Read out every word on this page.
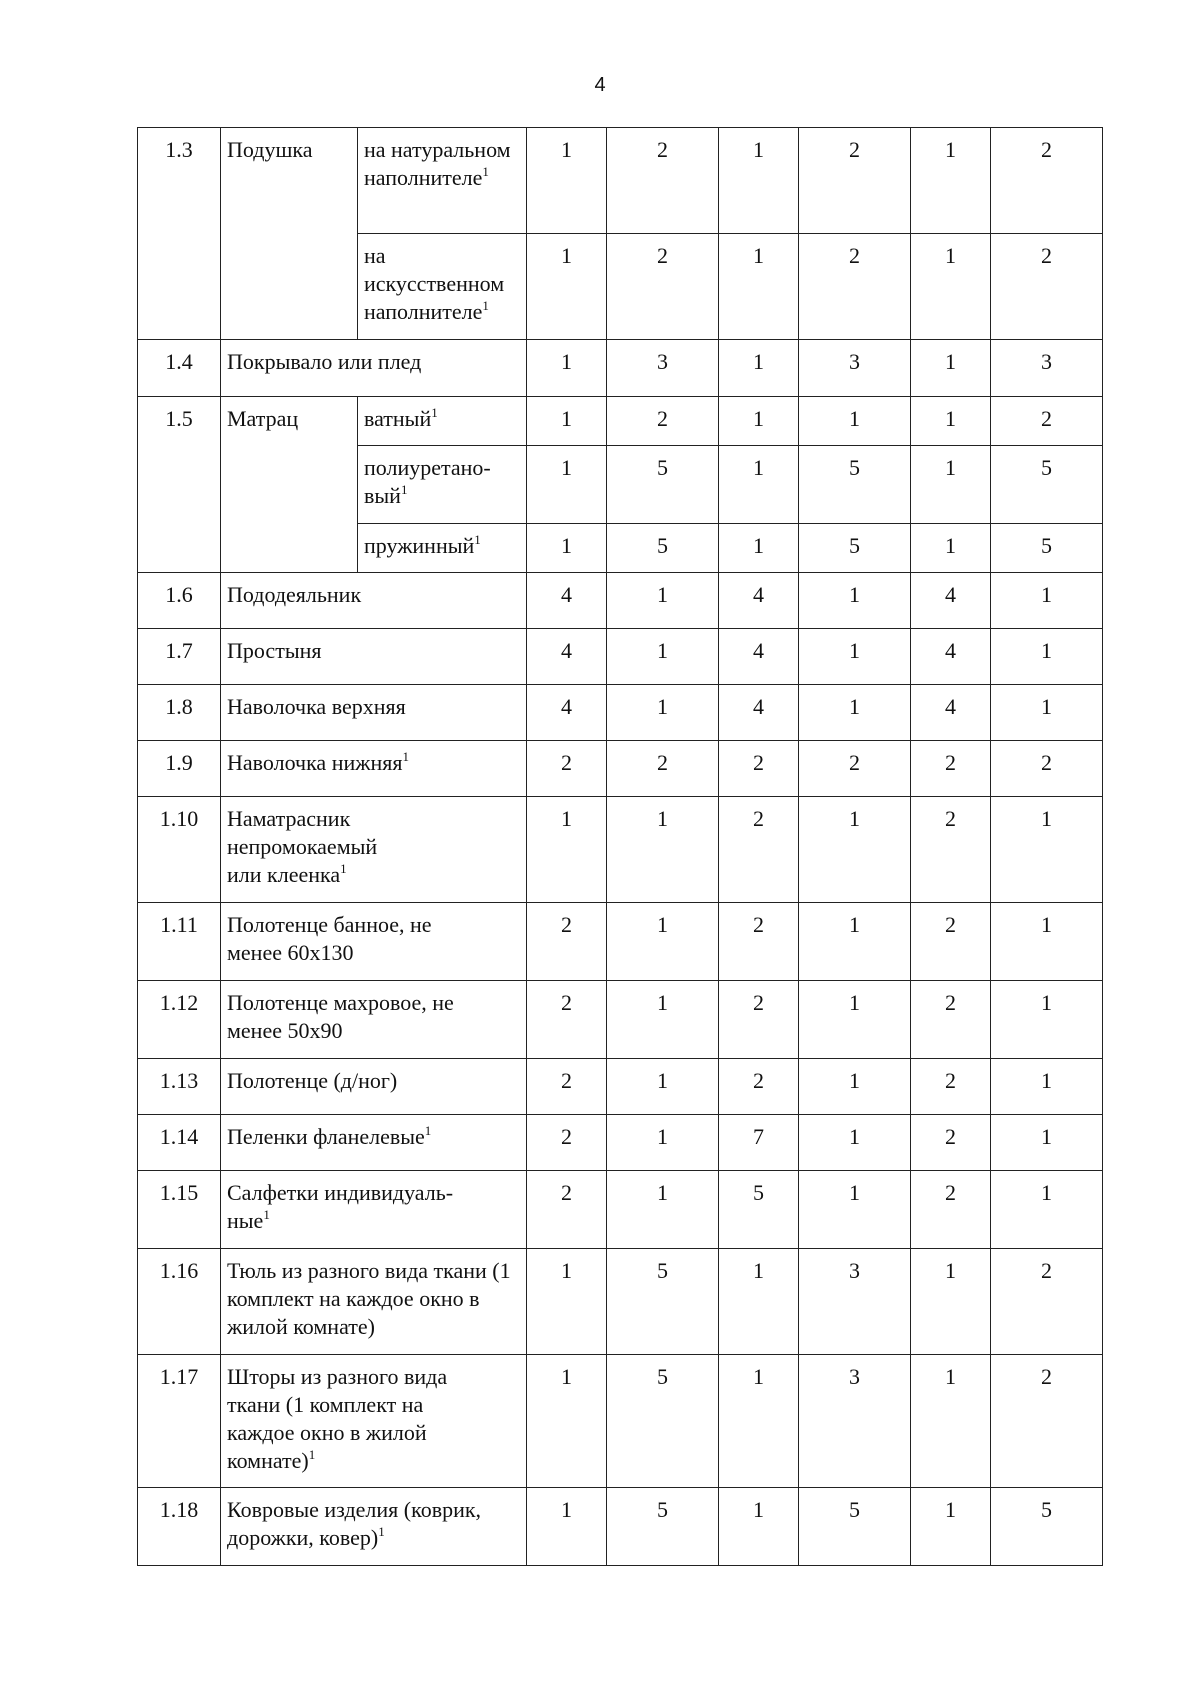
4
1.3	Подушка	на натуральном наполнителе$^1$	1	2	1	2	1	2
		на искусственном наполнителе$^1$	1	2	1	2	1	2
1.4	Покрывало или плед		1	3	1	3	1	3
1.5	Матрац	ватный$^1$	1	2	1	1	1	2
		полиуретано-вый$^1$	1	5	1	5	1	5
		пружинный$^1$	1	5	1	5	1	5
1.6	Пододеяльник		4	1	4	1	4	1
1.7	Простыня		4	1	4	1	4	1
1.8	Наволочка верхняя		4	1	4	1	4	1
1.9	Наволочка нижняя$^1$		2	2	2	2	2	2
1.10	Наматрасник непромокаемый или клеенка$^1$		1	1	2	1	2	1
1.11	Полотенце банное, не менее 60х130		2	1	2	1	2	1
1.12	Полотенце махровое, не менее 50х90		2	1	2	1	2	1
1.13	Полотенце (д/ног)		2	1	2	1	2	1
1.14	Пеленки фланелевые$^1$		2	1	7	1	2	1
1.15	Салфетки индивидуаль-ные$^1$		2	1	5	1	2	1
1.16	Тюль из разного вида ткани (1 комплект на каждое окно в жилой комнате)		1	5	1	3	1	2
1.17	Шторы из разного вида ткани (1 комплект на каждое окно в жилой комнате)$^1$		1	5	1	3	1	2
1.18	Ковровые изделия (коврик, дорожки, ковер)$^1$		1	5	1	5	1	5
